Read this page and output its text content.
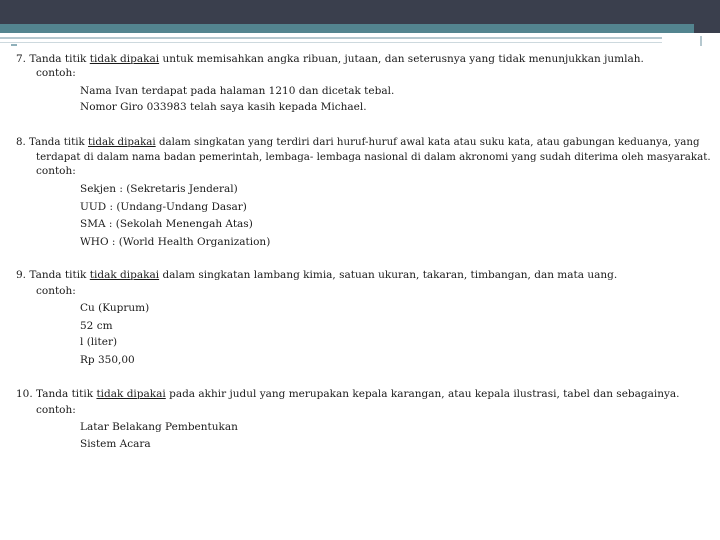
7. Tanda titik tidak dipakai untuk memisahkan angka ribuan, jutaan, dan seterusnya yang tidak menunjukkan jumlah.
contoh:
Nama Ivan terdapat pada halaman 1210 dan dicetak tebal.
Nomor Giro 033983 telah saya kasih kepada Michael.
8. Tanda titik tidak dipakai dalam singkatan yang terdiri dari huruf-huruf awal kata atau suku kata, atau gabungan keduanya, yang
terdapat di dalam nama badan pemerintah, lembaga- lembaga nasional di dalam akronomi yang sudah diterima oleh masyarakat.
contoh:
Sekjen : (Sekretaris Jenderal)
UUD : (Undang-Undang Dasar)
SMA : (Sekolah Menengah Atas)
WHO : (World Health Organization)
9. Tanda titik tidak dipakai dalam singkatan lambang kimia, satuan ukuran, takaran, timbangan, dan mata uang.
contoh:
Cu (Kuprum)
52 cm
l (liter)
Rp 350,00
10. Tanda titik tidak dipakai pada akhir judul yang merupakan kepala karangan, atau kepala ilustrasi, tabel dan sebagainya.
contoh:
Latar Belakang Pembentukan
Sistem Acara
